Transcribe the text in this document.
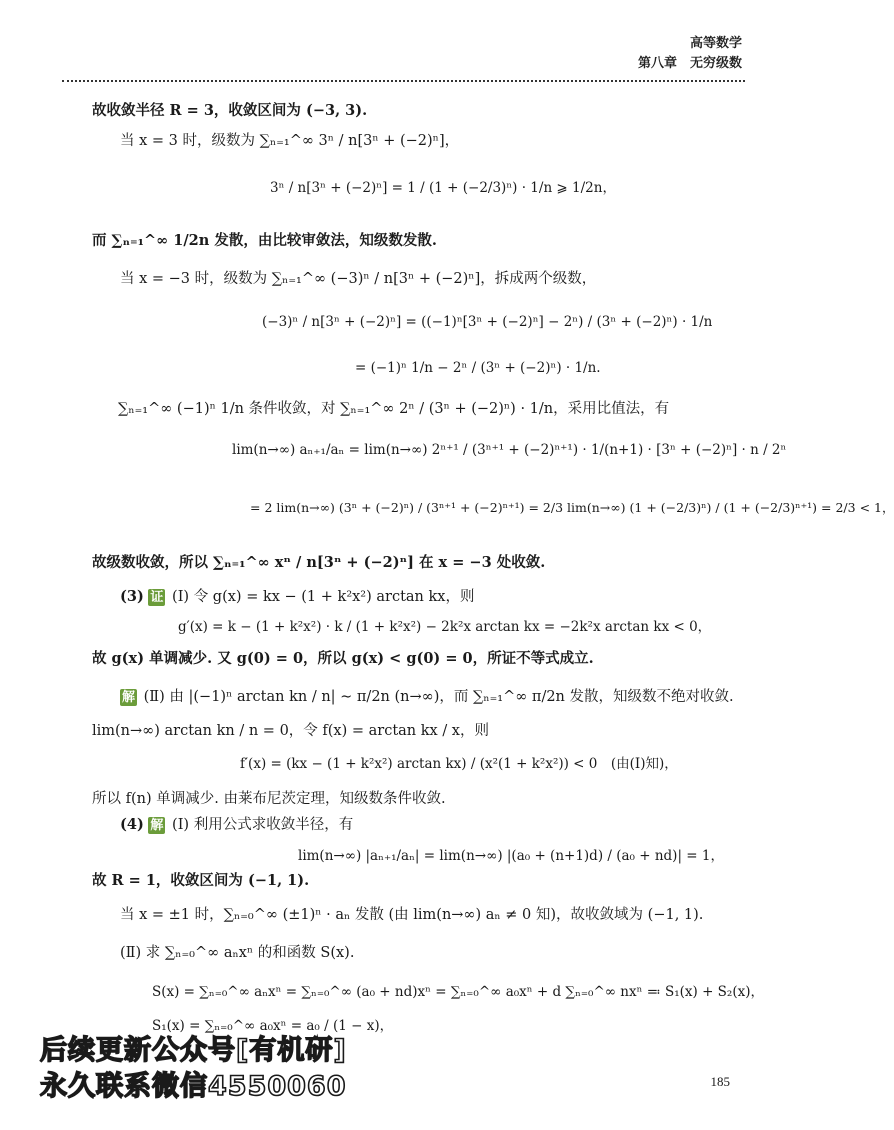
高等数学
第八章　无穷级数
故收敛半径 R = 3，收敛区间为 (−3, 3).
当 x = 3 时，级数为 ∑ₙ₌₁^∞ 3ⁿ / n[3ⁿ + (−2)ⁿ]，
3ⁿ / n[3ⁿ + (−2)ⁿ] = 1 / (1 + (−2/3)ⁿ) · 1/n ⩾ 1/2n，
而 ∑ₙ₌₁^∞ 1/2n 发散，由比较审敛法，知级数发散.
当 x = −3 时，级数为 ∑ₙ₌₁^∞ (−3)ⁿ / n[3ⁿ + (−2)ⁿ]，拆成两个级数，
(−3)ⁿ / n[3ⁿ + (−2)ⁿ] = ((−1)ⁿ[3ⁿ + (−2)ⁿ] − 2ⁿ) / (3ⁿ + (−2)ⁿ) · 1/n
= (−1)ⁿ 1/n − 2ⁿ / (3ⁿ + (−2)ⁿ) · 1/n.
∑ₙ₌₁^∞ (−1)ⁿ 1/n 条件收敛，对 ∑ₙ₌₁^∞ 2ⁿ / (3ⁿ + (−2)ⁿ) · 1/n，采用比值法，有
lim(n→∞) aₙ₊₁/aₙ = lim(n→∞) 2ⁿ⁺¹ / (3ⁿ⁺¹ + (−2)ⁿ⁺¹) · 1/(n+1) · [3ⁿ + (−2)ⁿ] · n / 2ⁿ
= 2 lim(n→∞) (3ⁿ + (−2)ⁿ) / (3ⁿ⁺¹ + (−2)ⁿ⁺¹) = 2/3 lim(n→∞) (1 + (−2/3)ⁿ) / (1 + (−2/3)ⁿ⁺¹) = 2/3 < 1，
故级数收敛，所以 ∑ₙ₌₁^∞ xⁿ / n[3ⁿ + (−2)ⁿ] 在 x = −3 处收敛.
(3) 证 (Ⅰ) 令 g(x) = kx − (1 + k²x²) arctan kx，则
g′(x) = k − (1 + k²x²) · k / (1 + k²x²) − 2k²x arctan kx = −2k²x arctan kx < 0，
故 g(x) 单调减少. 又 g(0) = 0，所以 g(x) < g(0) = 0，所证不等式成立.
解 (Ⅱ) 由 |(−1)ⁿ arctan kn / n| ∼ π/2n (n→∞)，而 ∑ₙ₌₁^∞ π/2n 发散，知级数不绝对收敛.
lim(n→∞) arctan kn / n = 0，令 f(x) = arctan kx / x，则
f′(x) = (kx − (1 + k²x²) arctan kx) / (x²(1 + k²x²)) < 0　(由(Ⅰ)知)，
所以 f(n) 单调减少. 由莱布尼茨定理，知级数条件收敛.
(4) 解 (Ⅰ) 利用公式求收敛半径，有
lim(n→∞) |aₙ₊₁/aₙ| = lim(n→∞) |(a₀ + (n+1)d) / (a₀ + nd)| = 1，
故 R = 1，收敛区间为 (−1, 1).
当 x = ±1 时，∑ₙ₌₀^∞ (±1)ⁿ · aₙ 发散 (由 lim(n→∞) aₙ ≠ 0 知)，故收敛域为 (−1, 1).
(Ⅱ) 求 ∑ₙ₌₀^∞ aₙxⁿ 的和函数 S(x).
S(x) = ∑ₙ₌₀^∞ aₙxⁿ = ∑ₙ₌₀^∞ (a₀ + nd)xⁿ = ∑ₙ₌₀^∞ a₀xⁿ + d ∑ₙ₌₀^∞ nxⁿ ≕ S₁(x) + S₂(x)，
S₁(x) = ∑ₙ₌₀^∞ a₀xⁿ = a₀ / (1 − x)，
后续更新公众号[有机研]
永久联系微信4550060	185
